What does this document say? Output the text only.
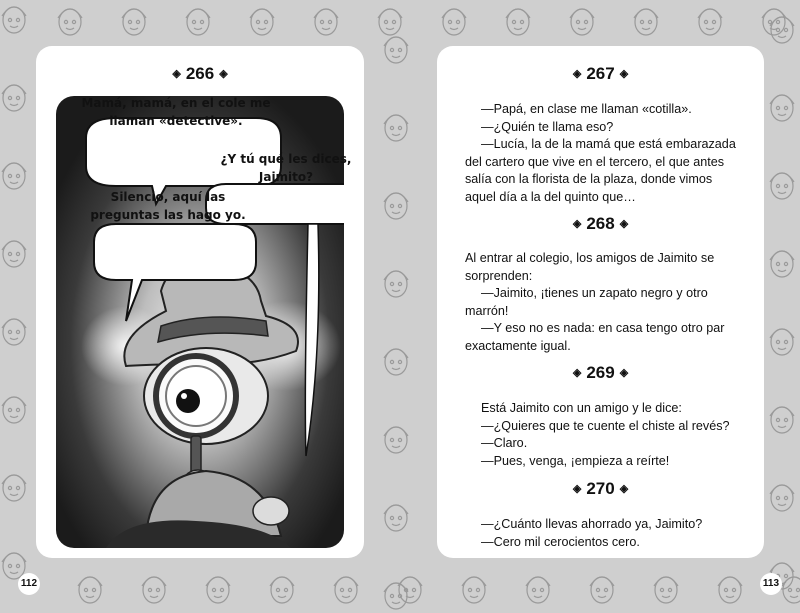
◈ 266 ◈
Mamá, mamá, en el cole me llaman «detective».
¿Y tú qué les dices, Jaimito?
Silencio, aquí las preguntas las hago yo.
112
◈ 267 ◈

—Papá, en clase me llaman «cotilla».

—¿Quién te llama eso?

—Lucía, la de la mamá que está embarazada del cartero que vive en el tercero, el que antes salía con la florista de la plaza, donde vimos aquel día a la del quinto que…

◈ 268 ◈

Al entrar al colegio, los amigos de Jaimito se sorprenden:

—Jaimito, ¡tienes un zapato negro y otro marrón!

—Y eso no es nada: en casa tengo otro par exactamente igual.

◈ 269 ◈

Está Jaimito con un amigo y le dice:

—¿Quieres que te cuente el chiste al revés?

—Claro.

—Pues, venga, ¡empieza a reírte!

◈ 270 ◈

—¿Cuánto llevas ahorrado ya, Jaimito?

—Cero mil cerocientos cero.

113
